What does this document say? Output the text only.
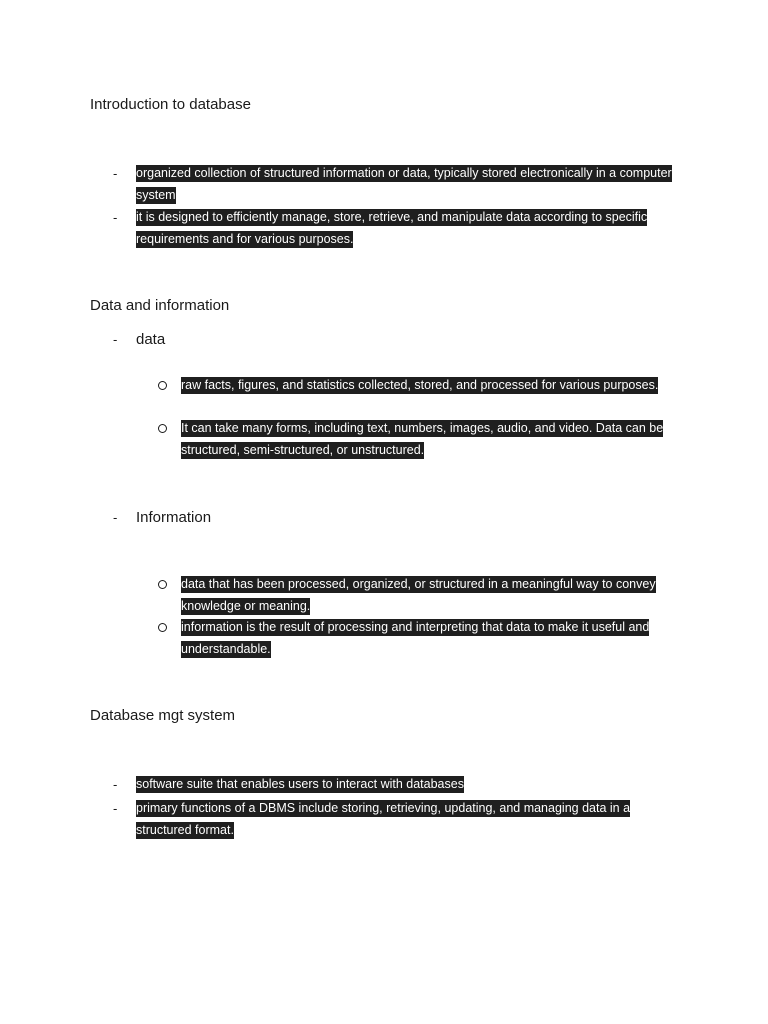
Introduction to database
- organized collection of structured information or data, typically stored electronically in a computer system
- it is designed to efficiently manage, store, retrieve, and manipulate data according to specific requirements and for various purposes.
Data and information
- data
raw facts, figures, and statistics collected, stored, and processed for various purposes.
It can take many forms, including text, numbers, images, audio, and video. Data can be structured, semi-structured, or unstructured.
- Information
data that has been processed, organized, or structured in a meaningful way to convey knowledge or meaning.
information is the result of processing and interpreting that data to make it useful and understandable.
Database mgt system
- software suite that enables users to interact with databases
- primary functions of a DBMS include storing, retrieving, updating, and managing data in a structured format.
